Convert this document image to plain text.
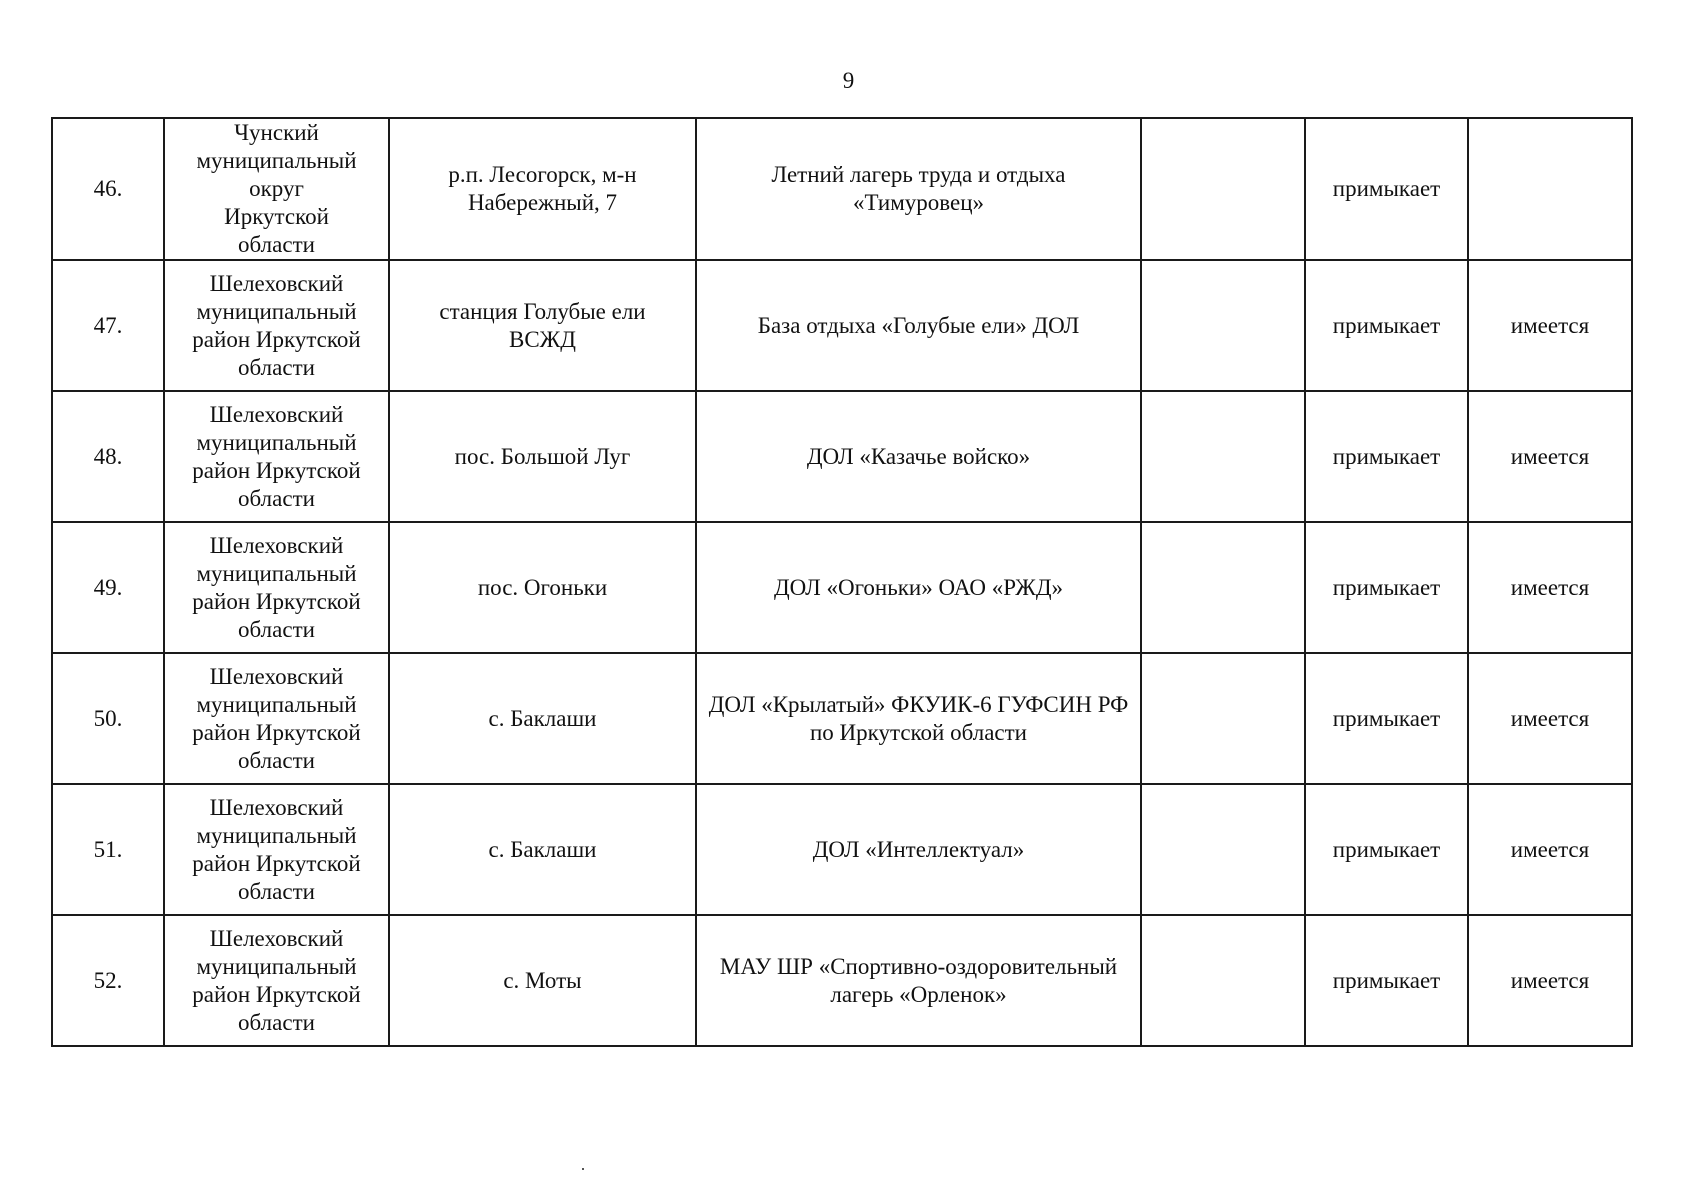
9
46.	Чунский муниципальный округ Иркутской области	р.п. Лесогорск, м-н Набережный, 7	Летний лагерь труда и отдыха «Тимуровец»		примыкает	
47.	Шелеховский муниципальный район Иркутской области	станция Голубые ели ВСЖД	База отдыха «Голубые ели» ДОЛ		примыкает	имеется
48.	Шелеховский муниципальный район Иркутской области	пос. Большой Луг	ДОЛ «Казачье войско»		примыкает	имеется
49.	Шелеховский муниципальный район Иркутской области	пос. Огоньки	ДОЛ «Огоньки» ОАО «РЖД»		примыкает	имеется
50.	Шелеховский муниципальный район Иркутской области	с. Баклаши	ДОЛ «Крылатый» ФКУИК-6 ГУФСИН РФ по Иркутской области		примыкает	имеется
51.	Шелеховский муниципальный район Иркутской области	с. Баклаши	ДОЛ «Интеллектуал»		примыкает	имеется
52.	Шелеховский муниципальный район Иркутской области	с. Моты	МАУ ШР «Спортивно-оздоровительный лагерь «Орленок»		примыкает	имеется
